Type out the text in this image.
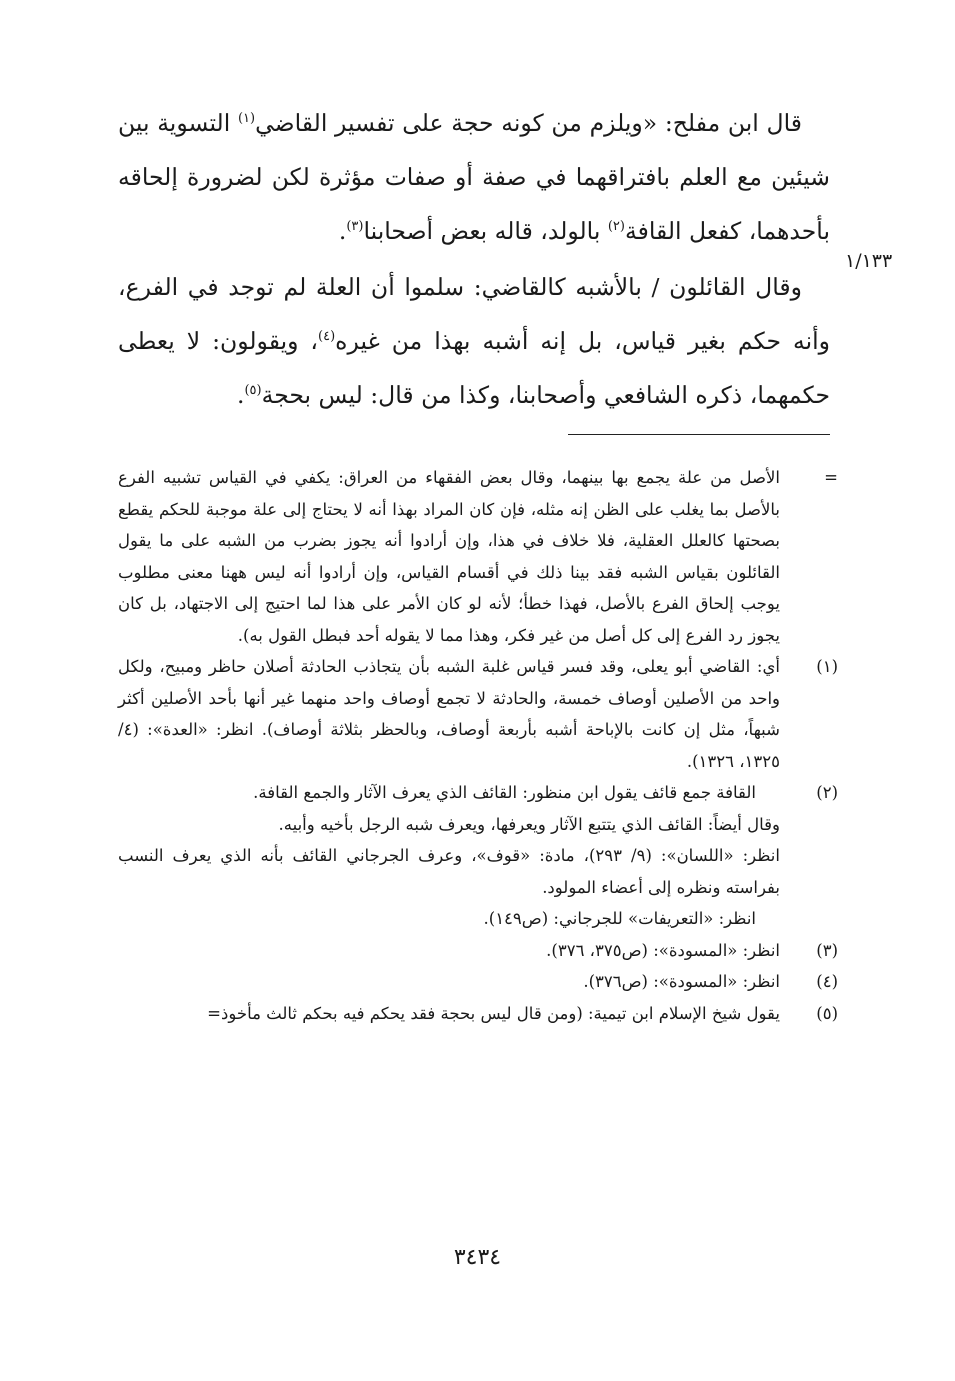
١/١٣٣

قال ابن مفلح: «ويلزم من كونه حجة على تفسير القاضي$^{(١)}$ التسوية بين شيئين مع العلم بافتراقهما في صفة أو صفات مؤثرة لكن لضرورة إلحاقه بأحدهما، كفعل القافة$^{(٢)}$ بالولد، قاله بعض أصحابنا$^{(٣)}$.

وقال القائلون / بالأشبه كالقاضي: سلموا أن العلة لم توجد في الفرع، وأنه حكم بغير قياس، بل إنه أشبه بهذا من غيره$^{(٤)}$، ويقولون: لا يعطى حكمهما، ذكره الشافعي وأصحابنا، وكذا من قال: ليس بحجة$^{(٥)}$.

=
الأصل من علة يجمع بها بينهما، وقال بعض الفقهاء من العراق: يكفي في القياس تشبيه الفرع بالأصل بما يغلب على الظن إنه مثله، فإن كان المراد بهذا أنه لا يحتاج إلى علة موجبة للحكم يقطع بصحتها كالعلل العقلية، فلا خلاف في هذا، وإن أرادوا أنه يجوز بضرب من الشبه على ما يقول القائلون بقياس الشبه فقد بينا ذلك في أقسام القياس، وإن أرادوا أنه ليس ههنا معنى مطلوب يوجب إلحاق الفرع بالأصل، فهذا خطأ؛ لأنه لو كان الأمر على هذا لما احتيج إلى الاجتهاد، بل كان يجوز رد الفرع إلى كل أصل من غير فكر، وهذا مما لا يقوله أحد فبطل القول به).
(١)
أي: القاضي أبو يعلى، وقد فسر قياس غلبة الشبه بأن يتجاذب الحادثة أصلان حاظر ومبيح، ولكل واحد من الأصلين أوصاف خمسة، والحادثة لا تجمع أوصاف واحد منهما غير أنها بأحد الأصلين أكثر شبهاً، مثل إن كانت بالإباحة أشبه بأربعة أوصاف، وبالحظر بثلاثة أوصاف). انظر: «العدة»: (٤/ ١٣٢٥، ١٣٢٦).
(٢)
القافة جمع قائف يقول ابن منظور: القائف الذي يعرف الآثار والجمع القافة.
وقال أيضاً: القائف الذي يتتبع الآثار ويعرفها، ويعرف شبه الرجل بأخيه وأبيه.
انظر: «اللسان»: (٩/ ٢٩٣)، مادة: «قوف»، وعرف الجرجاني القائف بأنه الذي يعرف النسب بفراسته ونظره إلى أعضاء المولود.
انظر: «التعريفات» للجرجاني: (ص١٤٩).
(٣)
انظر: «المسودة»: (ص٣٧٥، ٣٧٦).
(٤)
انظر: «المسودة»: (ص٣٧٦).
(٥)
يقول شيخ الإسلام ابن تيمية: (ومن قال ليس بحجة فقد يحكم فيه بحكم ثالث مأخوذ=
٣٤٣٤
